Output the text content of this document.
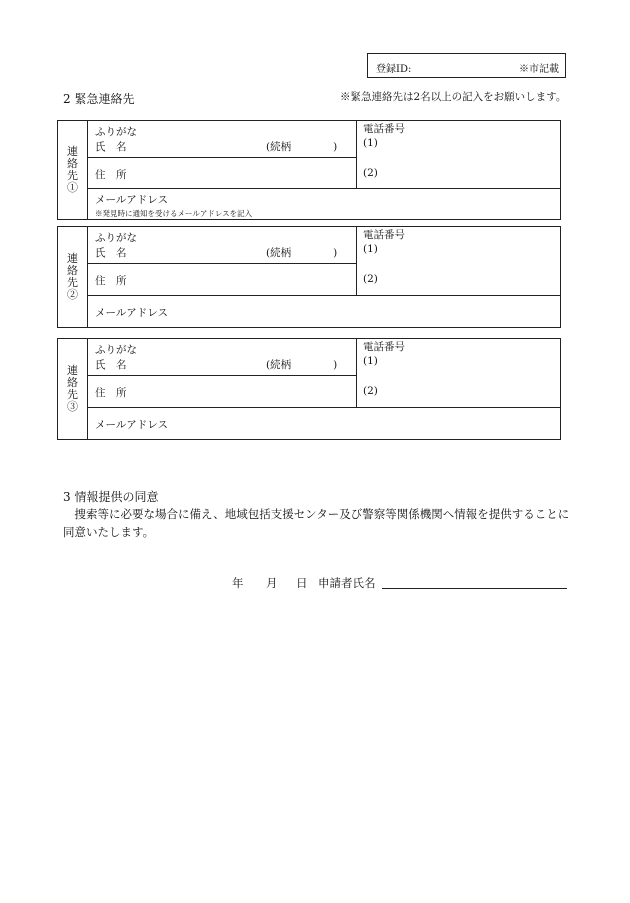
登録ID:	※市記載
2 緊急連絡先	※緊急連絡先は2名以上の記入をお願いします。
連絡先①
ふりがな
氏　名	(続柄　　　　)
住　所
電話番号
(1)
(2)
メールアドレス
※発見時に通知を受けるメールアドレスを記入
連絡先②
ふりがな
氏　名	(続柄　　　　)
住　所
電話番号
(1)
(2)
メールアドレス
連絡先③
ふりがな
氏　名	(続柄　　　　)
住　所
電話番号
(1)
(2)
メールアドレス
3 情報提供の同意
　捜索等に必要な場合に備え、地域包括支援センター及び警察等関係機関へ情報を提供することに同意いたします。
年 月 日 申請者氏名
